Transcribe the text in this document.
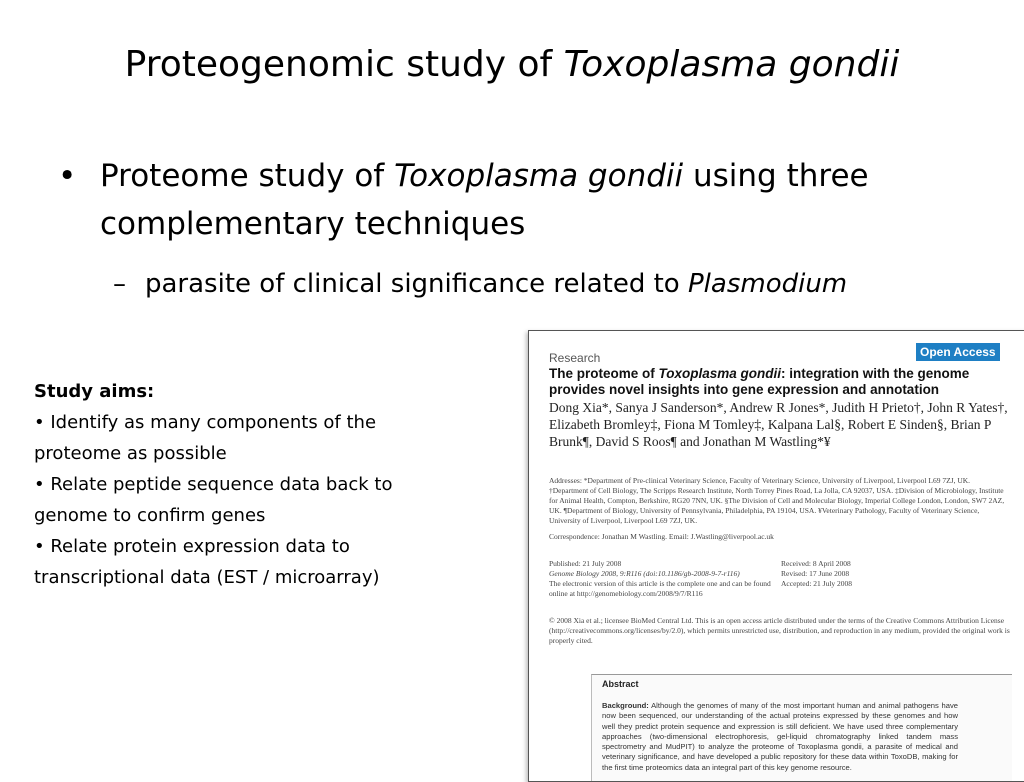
Proteogenomic study of Toxoplasma gondii
• Proteome study of Toxoplasma gondii using three complementary techniques
– parasite of clinical significance related to Plasmodium
Study aims:
• Identify as many components of the proteome as possible
• Relate peptide sequence data back to genome to confirm genes
• Relate protein expression data to transcriptional data (EST / microarray)
Research	Open Access
The proteome of Toxoplasma gondii: integration with the genome provides novel insights into gene expression and annotation
Dong Xia*, Sanya J Sanderson*, Andrew R Jones*, Judith H Prieto†, John R Yates†, Elizabeth Bromley‡, Fiona M Tomley‡, Kalpana Lal§, Robert E Sinden§, Brian P Brunk¶, David S Roos¶ and Jonathan M Wastling*¥
Addresses: *Department of Pre-clinical Veterinary Science, Faculty of Veterinary Science, University of Liverpool, Liverpool L69 7ZJ, UK. †Department of Cell Biology, The Scripps Research Institute, North Torrey Pines Road, La Jolla, CA 92037, USA. ‡Division of Microbiology, Institute for Animal Health, Compton, Berkshire, RG20 7NN, UK. §The Division of Cell and Molecular Biology, Imperial College London, London, SW7 2AZ, UK. ¶Department of Biology, University of Pennsylvania, Philadelphia, PA 19104, USA. ¥Veterinary Pathology, Faculty of Veterinary Science, University of Liverpool, Liverpool L69 7ZJ, UK.
Correspondence: Jonathan M Wastling. Email: J.Wastling@liverpool.ac.uk
Published: 21 July 2008
Genome Biology 2008, 9:R116 (doi:10.1186/gb-2008-9-7-r116)
The electronic version of this article is the complete one and can be found online at http://genomebiology.com/2008/9/7/R116
Received: 8 April 2008
Revised: 17 June 2008
Accepted: 21 July 2008
© 2008 Xia et al.; licensee BioMed Central Ltd. This is an open access article distributed under the terms of the Creative Commons Attribution License (http://creativecommons.org/licenses/by/2.0), which permits unrestricted use, distribution, and reproduction in any medium, provided the original work is properly cited.
Abstract
Background: Although the genomes of many of the most important human and animal pathogens have now been sequenced, our understanding of the actual proteins expressed by these genomes and how well they predict protein sequence and expression is still deficient. We have used three complementary approaches (two-dimensional electrophoresis, gel-liquid chromatography linked tandem mass spectrometry and MudPIT) to analyze the proteome of Toxoplasma gondii, a parasite of medical and veterinary significance, and have developed a public repository for these data within ToxoDB, making for the first time proteomics data an integral part of this key genome resource.
